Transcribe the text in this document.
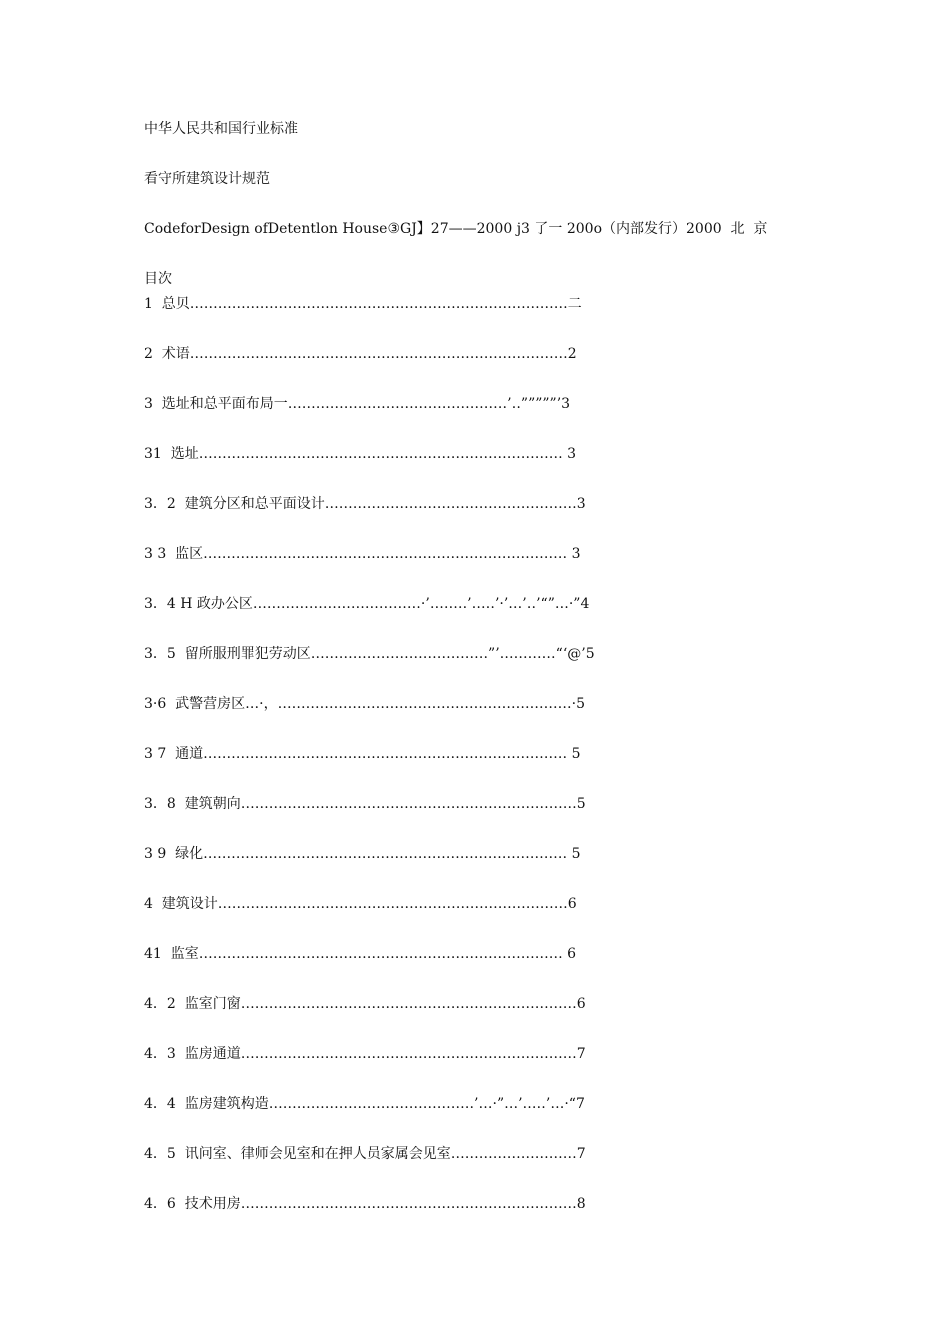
中华人民共和国行业标准
看守所建筑设计规范
CodeforDesign ofDetentlon House③GJ】27——2000 j3 了一 200o（内部发行）2000  北  京
目次
1  总贝………………………………………………………………………二
2  术语………………………………………………………………………2
3  选址和总平面布局一………………………………………‥’‥”””””’3
31  选址…………………………………………………………………… 3
3．2  建筑分区和总平面设计………………………………………………3
3 3  监区…………………………………………………………………… 3
3．4 H 政办公区………………………………·’……‥’…‥’·’…’‥’“”…·”4
3．5  留所服刑罪犯劳动区………………………………‥”’…………“‘@’5
3·6  武警营房区…·，………………………………………………………·5
3 7  通道…………………………………………………………………… 5
3．8  建筑朝向………………………………………………………………5
3 9  绿化…………………………………………………………………… 5
4  建筑设计…………………………………………………………………6
41  监室…………………………………………………………………… 6
4．2  监室门窗………………………………………………………………6
4．3  监房通道………………………………………………………………7
4．4  监房建筑构造……………………………………‥’…·”…’…‥’…·“7
4．5  讯问室、律师会见室和在押人员家属会见室………………………7
4．6  技术用房………………………………………………………………8
